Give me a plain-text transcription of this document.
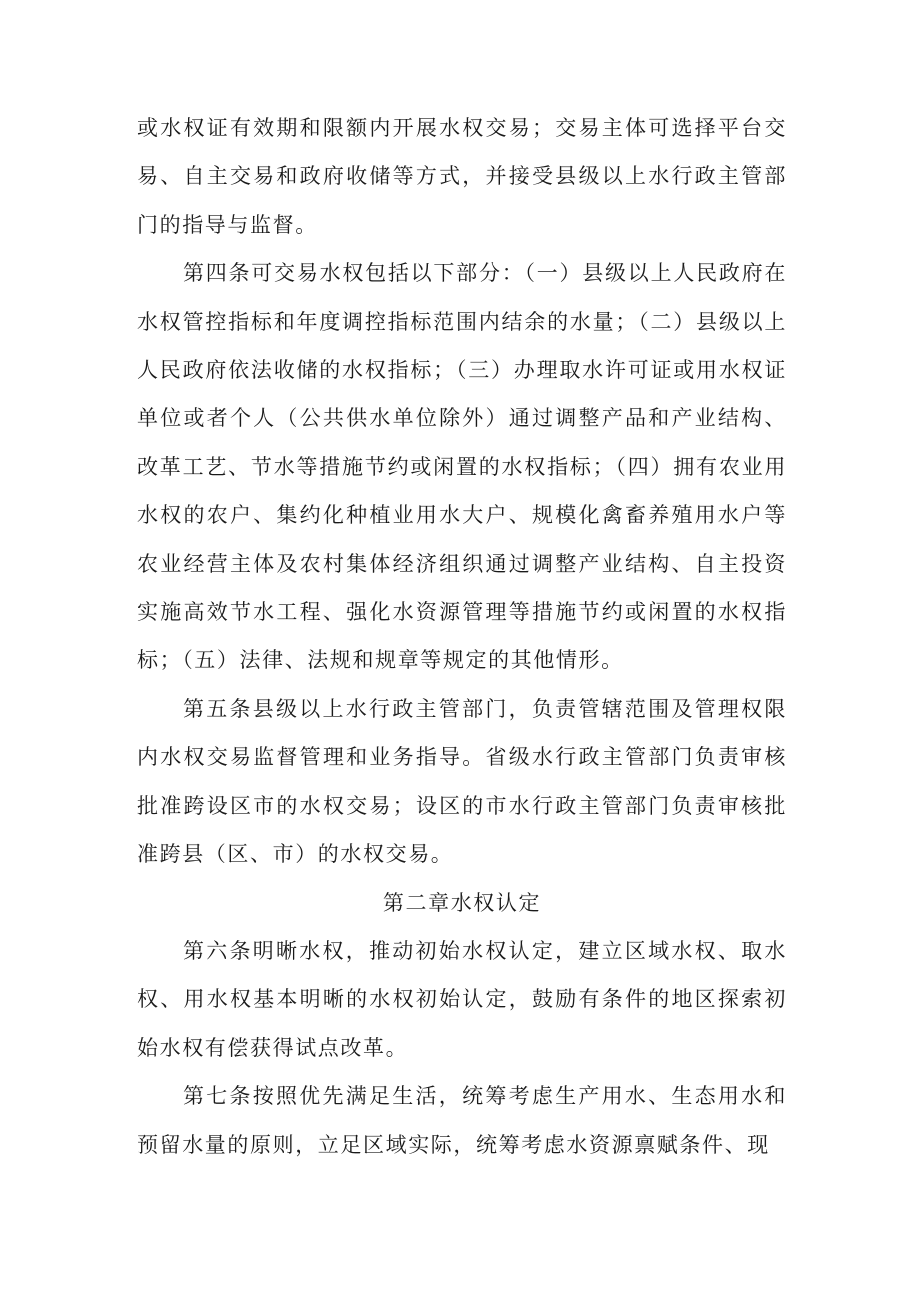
或水权证有效期和限额内开展水权交易；交易主体可选择平台交易、自主交易和政府收储等方式，并接受县级以上水行政主管部门的指导与监督。

第四条可交易水权包括以下部分：（一）县级以上人民政府在水权管控指标和年度调控指标范围内结余的水量；（二）县级以上人民政府依法收储的水权指标；（三）办理取水许可证或用水权证单位或者个人（公共供水单位除外）通过调整产品和产业结构、改革工艺、节水等措施节约或闲置的水权指标；（四）拥有农业用水权的农户、集约化种植业用水大户、规模化禽畜养殖用水户等农业经营主体及农村集体经济组织通过调整产业结构、自主投资实施高效节水工程、强化水资源管理等措施节约或闲置的水权指标；（五）法律、法规和规章等规定的其他情形。

第五条县级以上水行政主管部门，负责管辖范围及管理权限内水权交易监督管理和业务指导。省级水行政主管部门负责审核批准跨设区市的水权交易；设区的市水行政主管部门负责审核批准跨县（区、市）的水权交易。

第二章水权认定

第六条明晰水权，推动初始水权认定，建立区域水权、取水权、用水权基本明晰的水权初始认定，鼓励有条件的地区探索初始水权有偿获得试点改革。

第七条按照优先满足生活，统筹考虑生产用水、生态用水和预留水量的原则，立足区域实际，统筹考虑水资源禀赋条件、现
